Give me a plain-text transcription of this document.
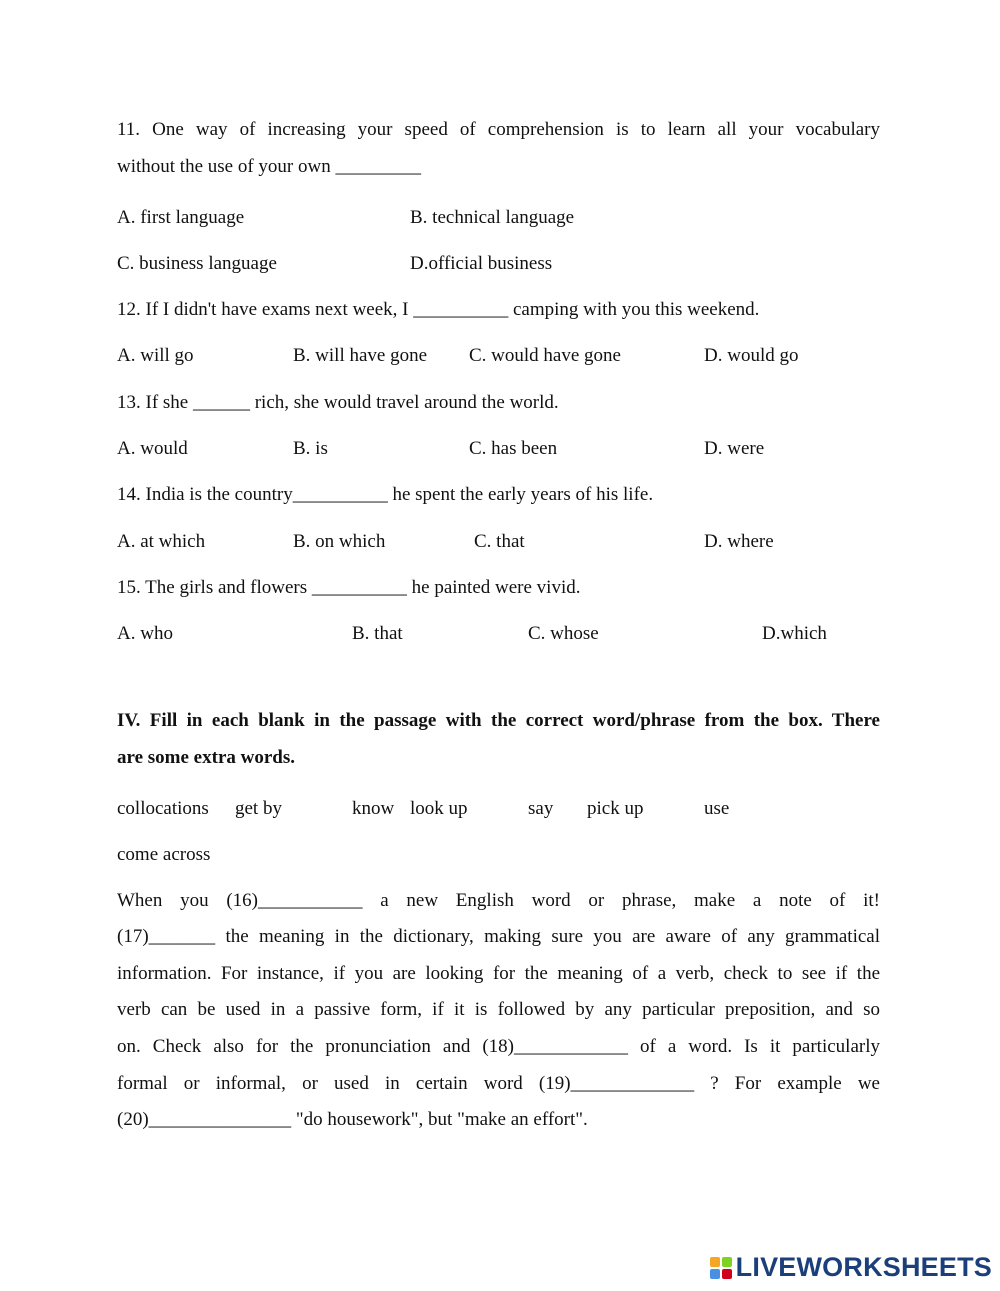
11. One way of increasing your speed of comprehension is to learn all your vocabulary
without the use of your own _________
A. first language	B. technical language
C. business language	D.official business
12. If I didn't have exams next week, I __________ camping with you this weekend.
A. will go	B. will have gone C. would have gone	D. would go
13. If she ______ rich, she would travel around the world.
A. would	B. is	C. has been	D. were
14. India is the country__________ he spent the early years of his life.
A. at which	B. on which	C. that	D. where
15. The girls and flowers __________ he painted were vivid.
A. who	B. that	C. whose	D.which
IV. Fill in each blank in the passage with the correct word/phrase from the box. There
are some extra words.
collocations get by	know look up	say pick up	use
come across
When you (16)___________ a new English word or phrase, make a note of it!
(17)_______ the meaning in the dictionary, making sure you are aware of any grammatical
information. For instance, if you are looking for the meaning of a verb, check to see if the
verb can be used in a passive form, if it is followed by any particular preposition, and so
on. Check also for the pronunciation and (18)____________ of a word. Is it particularly
formal or informal, or used in certain word (19)_____________ ? For example we
(20)_______________ "do housework", but "make an effort".
LIVEWORKSHEETS
